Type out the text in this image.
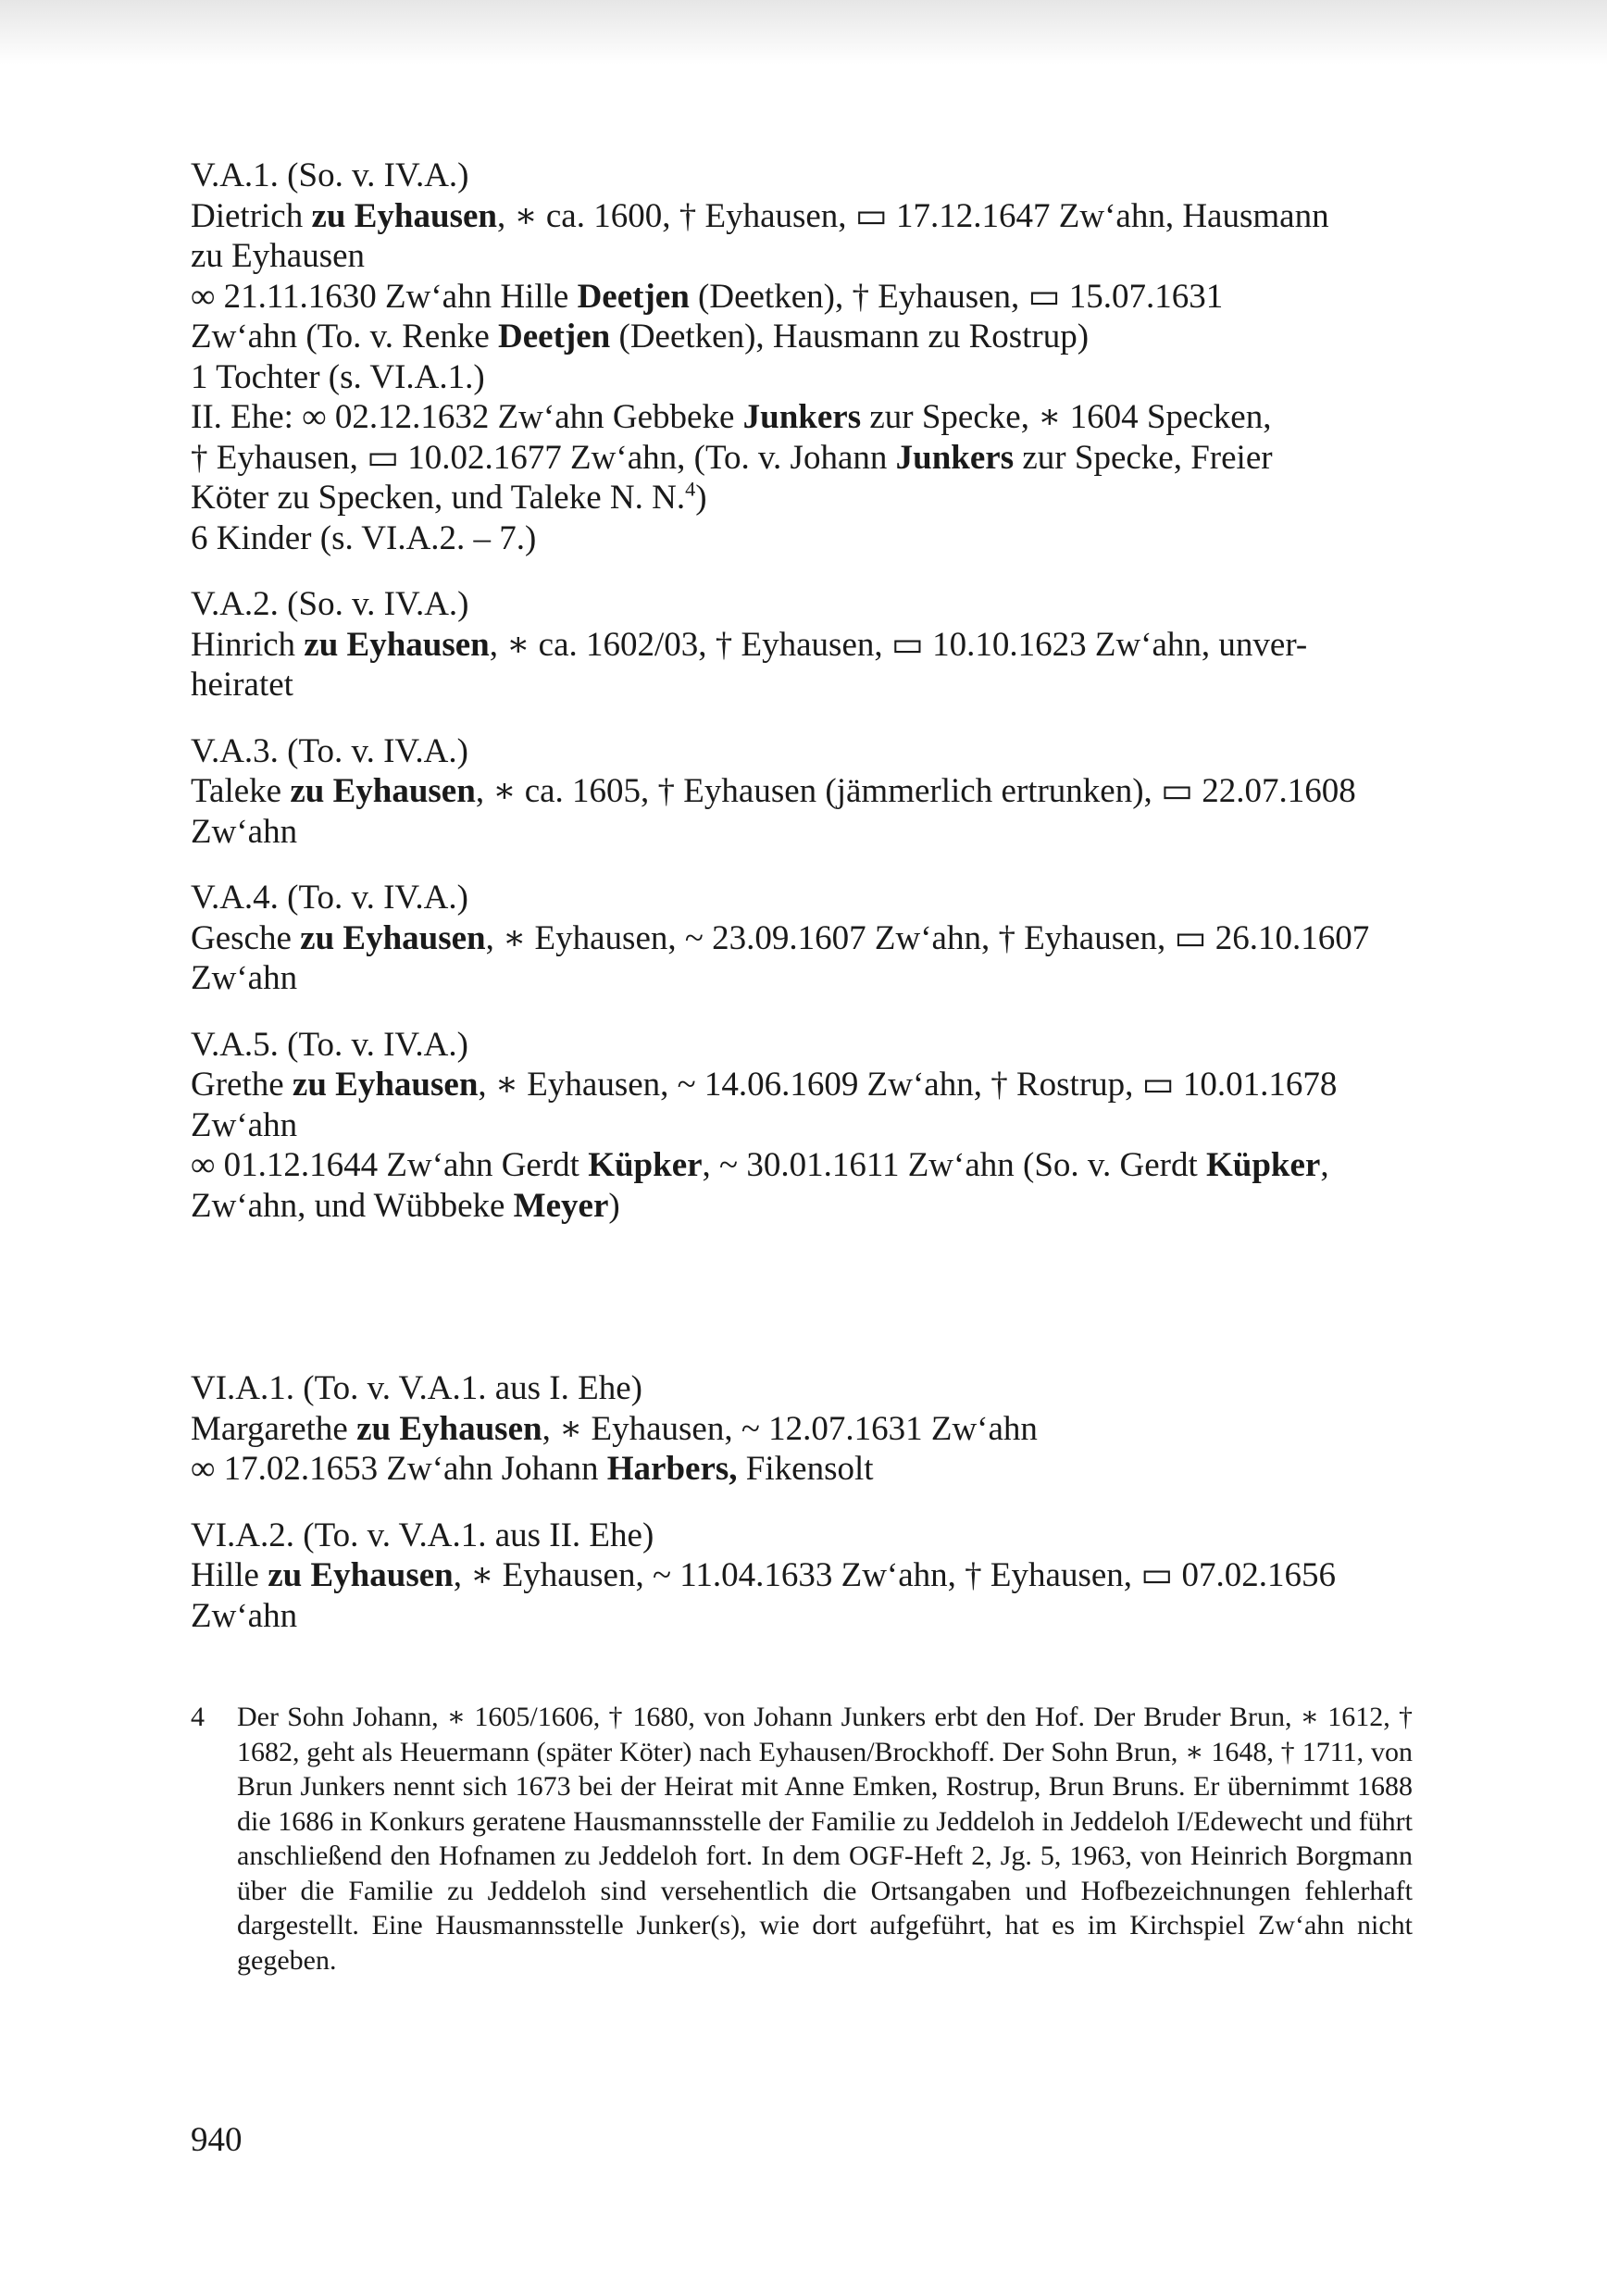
V.A.1. (So. v. IV.A.)
Dietrich zu Eyhausen, ∗ ca. 1600, † Eyhausen, ▭ 17.12.1647 Zw‘ahn, Hausmann
zu Eyhausen
∞ 21.11.1630 Zw‘ahn Hille Deetjen (Deetken), † Eyhausen, ▭ 15.07.1631
Zw‘ahn (To. v. Renke Deetjen (Deetken), Hausmann zu Rostrup)
1 Tochter (s. VI.A.1.)
II. Ehe: ∞ 02.12.1632 Zw‘ahn Gebbeke Junkers zur Specke, ∗ 1604 Specken,
† Eyhausen, ▭ 10.02.1677 Zw‘ahn, (To. v. Johann Junkers zur Specke, Freier
Köter zu Specken, und Taleke N. N.$^4$)
6 Kinder (s. VI.A.2. – 7.)
V.A.2. (So. v. IV.A.)
Hinrich zu Eyhausen, ∗ ca. 1602/03, † Eyhausen, ▭ 10.10.1623 Zw‘ahn, unver-
heiratet
V.A.3. (To. v. IV.A.)
Taleke zu Eyhausen, ∗ ca. 1605, † Eyhausen (jämmerlich ertrunken), ▭ 22.07.1608
Zw‘ahn
V.A.4. (To. v. IV.A.)
Gesche zu Eyhausen, ∗ Eyhausen, ~ 23.09.1607 Zw‘ahn, † Eyhausen, ▭ 26.10.1607
Zw‘ahn
V.A.5. (To. v. IV.A.)
Grethe zu Eyhausen, ∗ Eyhausen, ~ 14.06.1609 Zw‘ahn, † Rostrup, ▭ 10.01.1678
Zw‘ahn
∞ 01.12.1644 Zw‘ahn Gerdt Küpker, ~ 30.01.1611 Zw‘ahn (So. v. Gerdt Küpker,
Zw‘ahn, und Wübbeke Meyer)
VI.A.1. (To. v. V.A.1. aus I. Ehe)
Margarethe zu Eyhausen, ∗ Eyhausen, ~ 12.07.1631 Zw‘ahn
∞ 17.02.1653 Zw‘ahn Johann Harbers, Fikensolt
VI.A.2. (To. v. V.A.1. aus II. Ehe)
Hille zu Eyhausen, ∗ Eyhausen, ~ 11.04.1633 Zw‘ahn, † Eyhausen, ▭ 07.02.1656
Zw‘ahn
4	Der Sohn Johann, ∗ 1605/1606, † 1680, von Johann Junkers erbt den Hof. Der Bruder Brun, ∗ 1612, † 1682, geht als Heuermann (später Köter) nach Eyhausen/Brockhoff. Der Sohn Brun, ∗ 1648, † 1711, von Brun Junkers nennt sich 1673 bei der Heirat mit Anne Emken, Rostrup, Brun Bruns. Er übernimmt 1688 die 1686 in Konkurs geratene Hausmannsstelle der Familie zu Jeddeloh in Jeddeloh I/Edewecht und führt anschließend den Hofnamen zu Jeddeloh fort. In dem OGF-Heft 2, Jg. 5, 1963, von Heinrich Borgmann über die Familie zu Jeddeloh sind versehentlich die Ortsangaben und Hofbezeichnungen fehlerhaft dargestellt. Eine Hausmannsstelle Junker(s), wie dort aufgeführt, hat es im Kirchspiel Zw‘ahn nicht gegeben.
940
